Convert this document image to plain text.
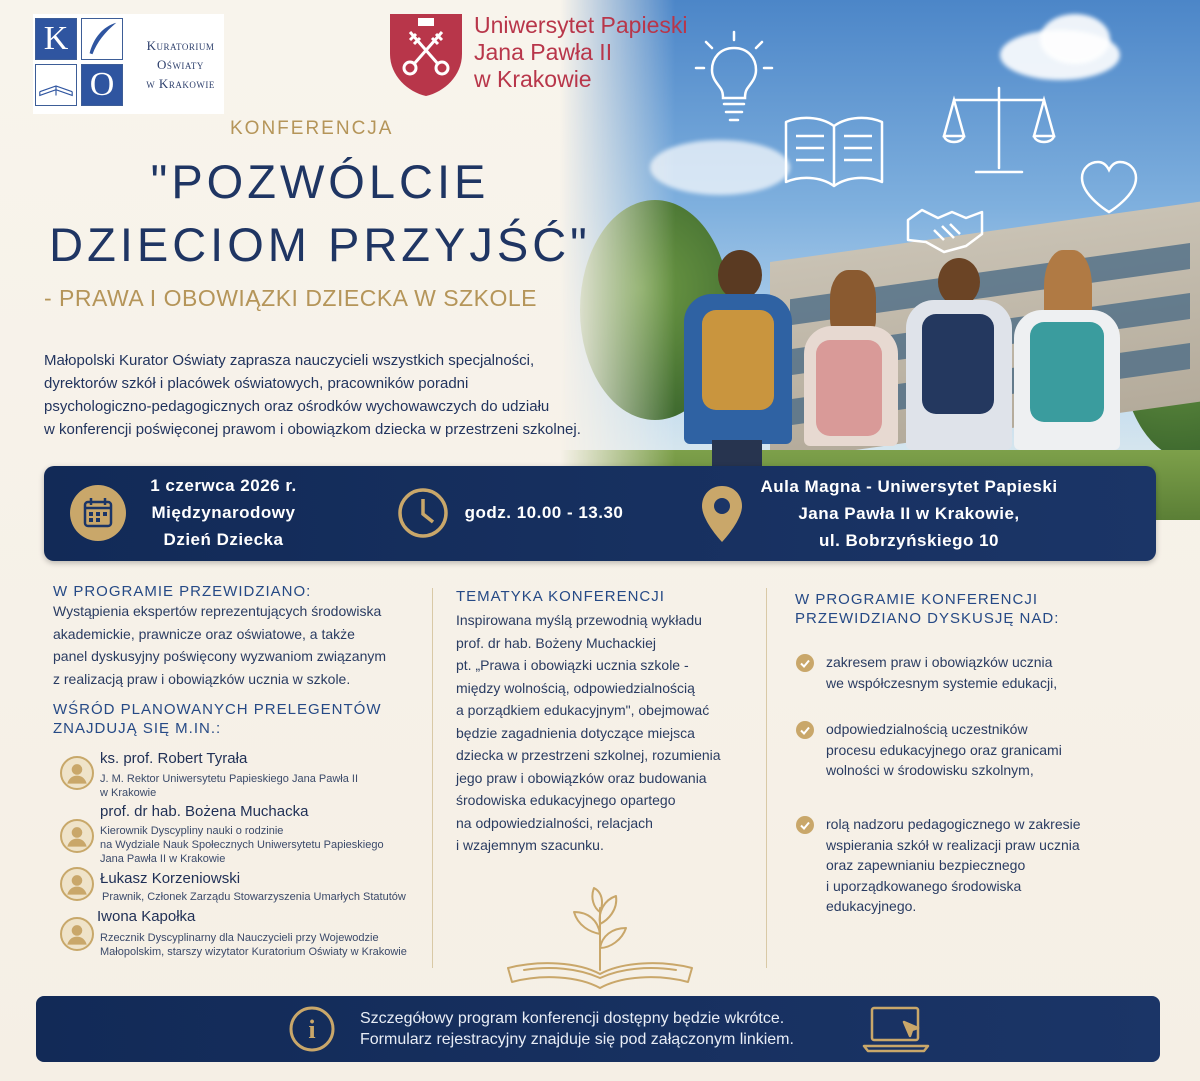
K
O
Kuratorium
Oświaty
w Krakowie
Uniwersytet Papieski
Jana Pawła II
w Krakowie
KONFERENCJA
"POZWÓLCIE
DZIECIOM PRZYJŚĆ"
- PRAWA I OBOWIĄZKI DZIECKA W SZKOLE
Małopolski Kurator Oświaty zaprasza nauczycieli wszystkich specjalności,
dyrektorów szkół i placówek oświatowych, pracowników poradni
psychologiczno-pedagogicznych oraz ośrodków wychowawczych do udziału
w konferencji poświęconej prawom i obowiązkom dziecka w przestrzeni szkolnej.
1 czerwca 2026 r.
Międzynarodowy
Dzień Dziecka
godz. 10.00 - 13.30
Aula Magna - Uniwersytet Papieski
Jana Pawła II w Krakowie,
ul. Bobrzyńskiego 10
W PROGRAMIE PRZEWIDZIANO:
Wystąpienia ekspertów reprezentujących środowiska
akademickie, prawnicze oraz oświatowe, a także
panel dyskusyjny poświęcony wyzwaniom związanym
z realizacją praw i obowiązków ucznia w szkole.
WŚRÓD PLANOWANYCH PRELEGENTÓW
ZNAJDUJĄ SIĘ M.IN.:
ks. prof. Robert Tyrała
J. M. Rektor Uniwersytetu Papieskiego Jana Pawła II
w Krakowie
prof. dr hab. Bożena Muchacka
Kierownik Dyscypliny nauki o rodzinie
na Wydziale Nauk Społecznych Uniwersytetu Papieskiego
Jana Pawła II w Krakowie
Łukasz Korzeniowski
Prawnik, Członek Zarządu Stowarzyszenia Umarłych Statutów
Iwona Kapołka
Rzecznik Dyscyplinarny dla Nauczycieli przy Wojewodzie
Małopolskim, starszy wizytator Kuratorium Oświaty w Krakowie
TEMATYKA KONFERENCJI
Inspirowana myślą przewodnią wykładu
prof. dr hab. Bożeny Muchackiej
pt. „Prawa i obowiązki ucznia szkole -
między wolnością, odpowiedzialnością
a porządkiem edukacyjnym", obejmować
będzie zagadnienia dotyczące miejsca
dziecka w przestrzeni szkolnej, rozumienia
jego praw i obowiązków oraz budowania
środowiska edukacyjnego opartego
na odpowiedzialności, relacjach
i wzajemnym szacunku.
W PROGRAMIE KONFERENCJI
PRZEWIDZIANO DYSKUSJĘ NAD:
zakresem praw i obowiązków ucznia
we współczesnym systemie edukacji,
odpowiedzialnością uczestników
procesu edukacyjnego oraz granicami
wolności w środowisku szkolnym,
rolą nadzoru pedagogicznego w zakresie
wspierania szkół w realizacji praw ucznia
oraz zapewnianiu bezpiecznego
i uporządkowanego środowiska
edukacyjnego.
i	Szczegółowy program konferencji dostępny będzie wkrótce.
Formularz rejestracyjny znajduje się pod załączonym linkiem.
